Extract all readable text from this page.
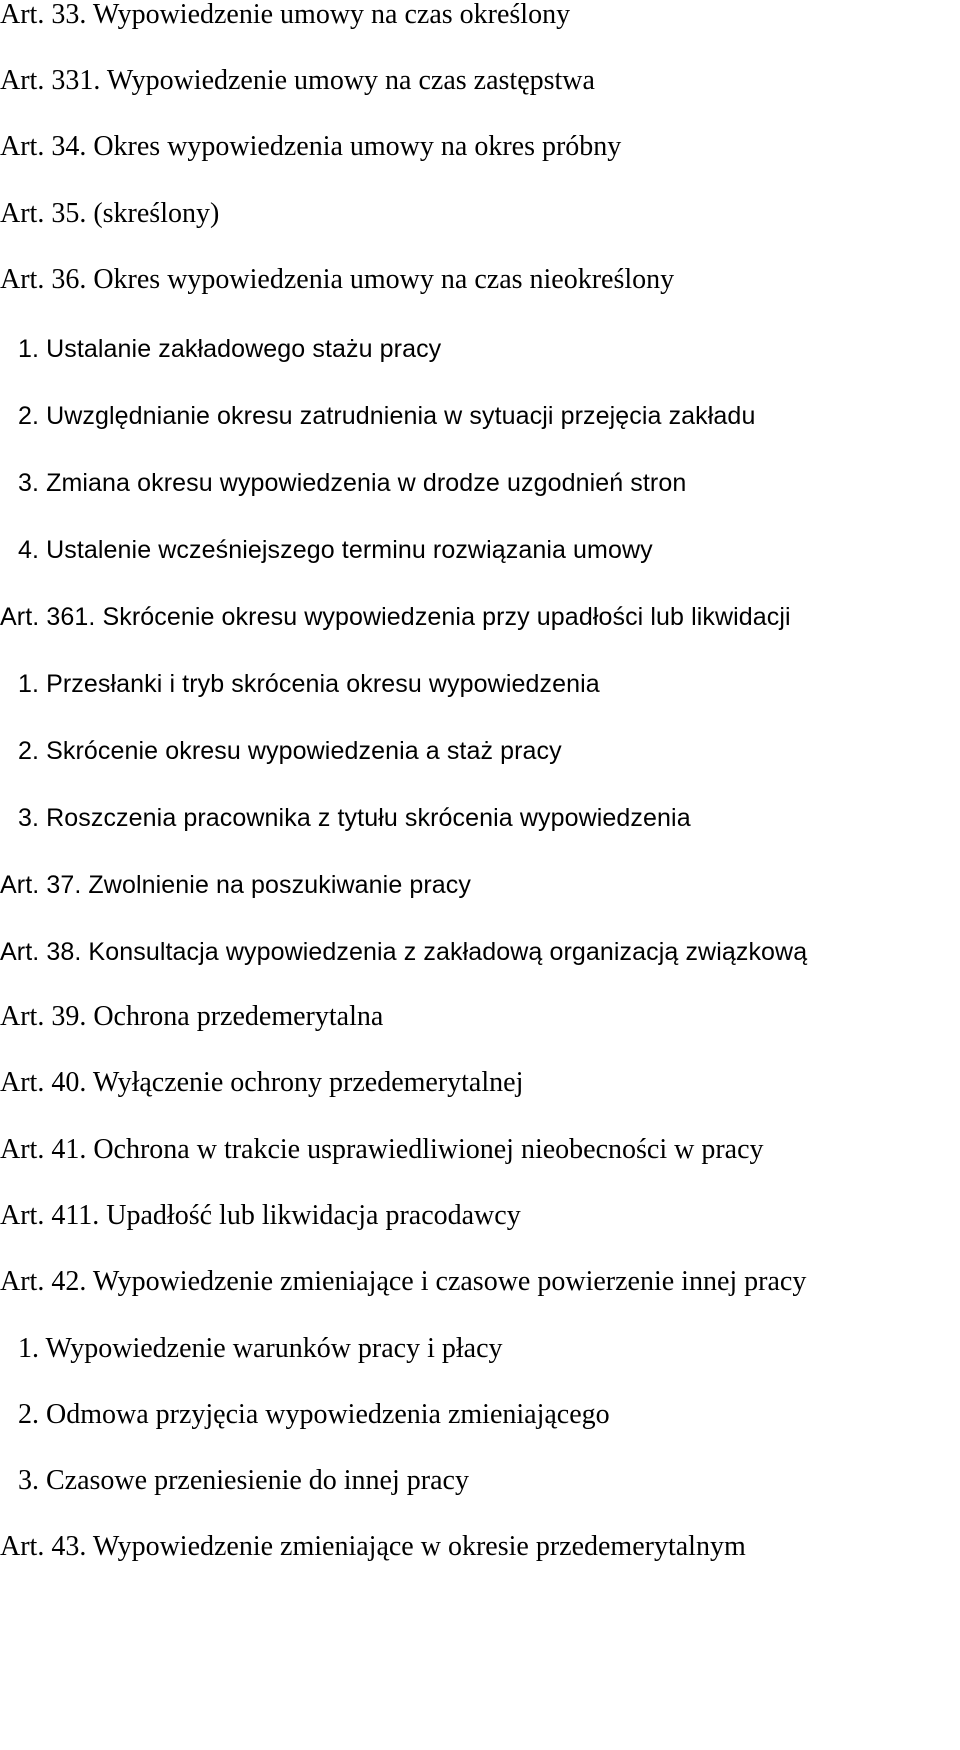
Art. 33. Wypowiedzenie umowy na czas określony
Art. 331. Wypowiedzenie umowy na czas zastępstwa
Art. 34. Okres wypowiedzenia umowy na okres próbny
Art. 35. (skreślony)
Art. 36. Okres wypowiedzenia umowy na czas nieokreślony
1. Ustalanie zakładowego stażu pracy
2. Uwzględnianie okresu zatrudnienia w sytuacji przejęcia zakładu
3. Zmiana okresu wypowiedzenia w drodze uzgodnień stron
4. Ustalenie wcześniejszego terminu rozwiązania umowy
Art. 361. Skrócenie okresu wypowiedzenia przy upadłości lub likwidacji
1. Przesłanki i tryb skrócenia okresu wypowiedzenia
2. Skrócenie okresu wypowiedzenia a staż pracy
3. Roszczenia pracownika z tytułu skrócenia wypowiedzenia
Art. 37. Zwolnienie na poszukiwanie pracy
Art. 38. Konsultacja wypowiedzenia z zakładową organizacją związkową
Art. 39. Ochrona przedemerytalna
Art. 40. Wyłączenie ochrony przedemerytalnej
Art. 41. Ochrona w trakcie usprawiedliwionej nieobecności w pracy
Art. 411. Upadłość lub likwidacja pracodawcy
Art. 42. Wypowiedzenie zmieniające i czasowe powierzenie innej pracy
1. Wypowiedzenie warunków pracy i płacy
2. Odmowa przyjęcia wypowiedzenia zmieniającego
3. Czasowe przeniesienie do innej pracy
Art. 43. Wypowiedzenie zmieniające w okresie przedemerytalnym
